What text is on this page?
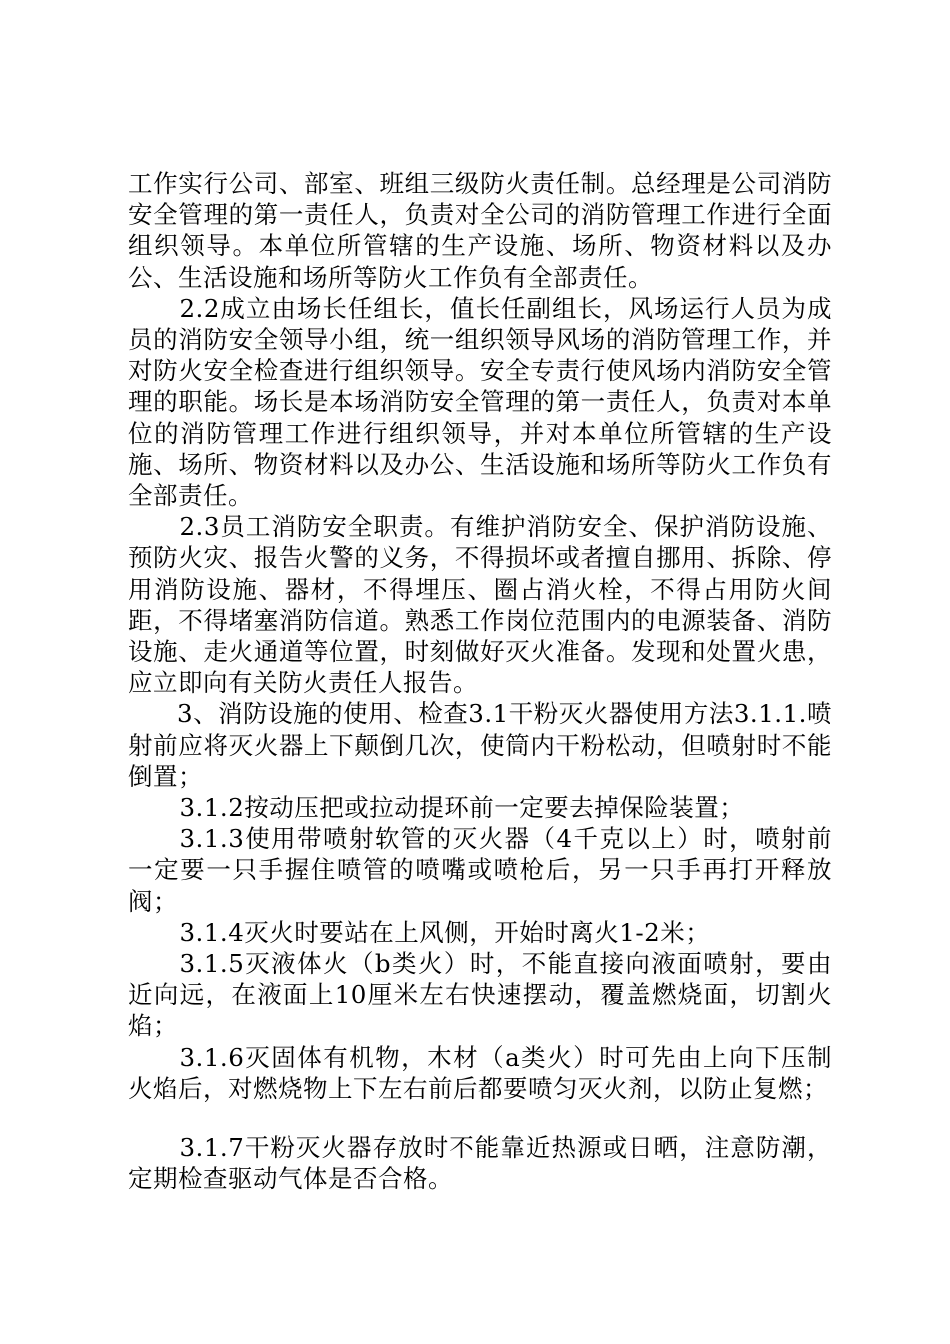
工作实行公司、部室、班组三级防火责任制。总经理是公司消防安全管理的第一责任人，负责对全公司的消防管理工作进行全面组织领导。本单位所管辖的生产设施、场所、物资材料以及办公、生活设施和场所等防火工作负有全部责任。

2.2成立由场长任组长，值长任副组长，风场运行人员为成员的消防安全领导小组，统一组织领导风场的消防管理工作，并对防火安全检查进行组织领导。安全专责行使风场内消防安全管理的职能。场长是本场消防安全管理的第一责任人，负责对本单位的消防管理工作进行组织领导，并对本单位所管辖的生产设施、场所、物资材料以及办公、生活设施和场所等防火工作负有全部责任。

2.3员工消防安全职责。有维护消防安全、保护消防设施、预防火灾、报告火警的义务，不得损坏或者擅自挪用、拆除、停用消防设施、器材，不得埋压、圈占消火栓，不得占用防火间距，不得堵塞消防信道。熟悉工作岗位范围内的电源装备、消防设施、走火通道等位置，时刻做好灭火准备。发现和处置火患，应立即向有关防火责任人报告。

3、消防设施的使用、检查3.1干粉灭火器使用方法3.1.1.喷射前应将灭火器上下颠倒几次，使筒内干粉松动，但喷射时不能倒置；

3.1.2按动压把或拉动提环前一定要去掉保险装置；

3.1.3使用带喷射软管的灭火器（4千克以上）时，喷射前一定要一只手握住喷管的喷嘴或喷枪后，另一只手再打开释放阀；

3.1.4灭火时要站在上风侧，开始时离火1-2米；

3.1.5灭液体火（b类火）时，不能直接向液面喷射，要由近向远，在液面上10厘米左右快速摆动，覆盖燃烧面，切割火焰；

3.1.6灭固体有机物，木材（a类火）时可先由上向下压制火焰后，对燃烧物上下左右前后都要喷匀灭火剂，以防止复燃；

3.1.7干粉灭火器存放时不能靠近热源或日晒，注意防潮，定期检查驱动气体是否合格。
